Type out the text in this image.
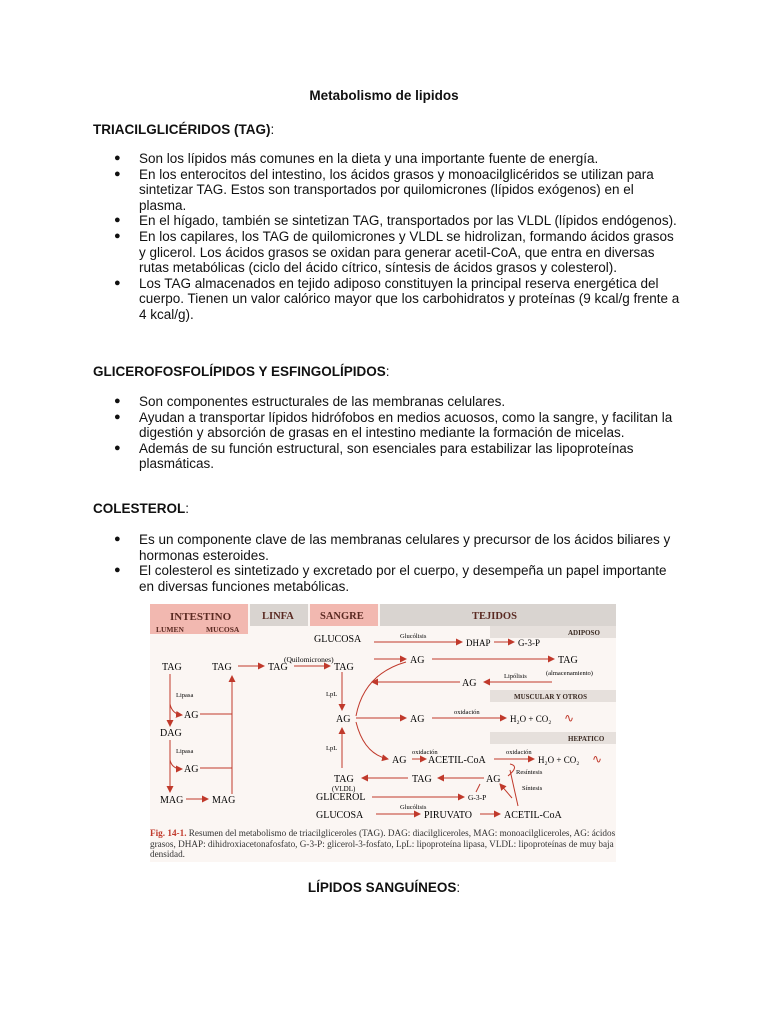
Metabolismo de lipidos
TRIACILGLICÉRIDOS (TAG):
● Son los lípidos más comunes en la dieta y una importante fuente de energía.
● En los enterocitos del intestino, los ácidos grasos y monoacilglicéridos se utilizan para sintetizar TAG. Estos son transportados por quilomicrones (lípidos exógenos) en el plasma.
● En el hígado, también se sintetizan TAG, transportados por las VLDL (lípidos endógenos).
● En los capilares, los TAG de quilomicrones y VLDL se hidrolizan, formando ácidos grasos y glicerol. Los ácidos grasos se oxidan para generar acetil-CoA, que entra en diversas rutas metabólicas (ciclo del ácido cítrico, síntesis de ácidos grasos y colesterol).
● Los TAG almacenados en tejido adiposo constituyen la principal reserva energética del cuerpo. Tienen un valor calórico mayor que los carbohidratos y proteínas (9 kcal/g frente a 4 kcal/g).
GLICEROFOSFOLÍPIDOS Y ESFINGOLÍPIDOS:
● Son componentes estructurales de las membranas celulares.
● Ayudan a transportar lípidos hidrófobos en medios acuosos, como la sangre, y facilitan la digestión y absorción de grasas en el intestino mediante la formación de micelas.
● Además de su función estructural, son esenciales para estabilizar las lipoproteínas plasmáticas.
COLESTEROL:
● Es un componente clave de las membranas celulares y precursor de los ácidos biliares y hormonas esteroides.
● El colesterol es sintetizado y excretado por el cuerpo, y desempeña un papel importante en diversas funciones metabólicas.
INTESTINO
LUMEN	MUCOSA
LINFA SANGRE	TEJIDOS
ADIPOSO
MUSCULAR Y OTROS
HEPATICO
TAG	TAG
Lipasa
AG
DAG
Lipasa
AG
MAG	MAG
TAG
(Quilomicrones)
TAG
GLUCOSA	Glucólisis
DHAP	G-3-P
AG	TAG
(almacenamiento)
Lipólisis
AG
LpL
AG	AG
oxidación
H₂O + CO₂ ∿
AG
oxidación
ACETIL-CoA
oxidación
H₂O + CO₂ ∿
LpL
TAG
(VLDL)
TAG	AG
Resíntesis
Síntesis
GLICEROL	G-3-P
GLUCOSA
Glucólisis
PIRUVATO	ACETIL-CoA
Fig. 14-1. Resumen del metabolismo de triacilgliceroles (TAG). DAG: diacilgliceroles, MAG: monoacilgliceroles, AG: ácidos grasos, DHAP: dihidroxiacetonafosfato, G-3-P: glicerol-3-fosfato, LpL: lipoproteína lipasa, VLDL: lipoproteínas de muy baja densidad.
LÍPIDOS SANGUÍNEOS:
